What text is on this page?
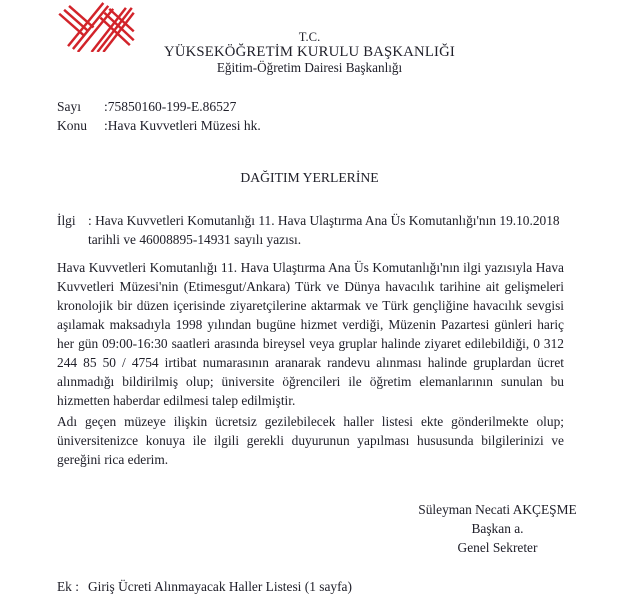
T.C.
YÜKSEKÖĞRETİM KURULU BAŞKANLIĞI
Eğitim-Öğretim Dairesi Başkanlığı
Sayı	:75850160-199-E.86527
Konu	:Hava Kuvvetleri Müzesi hk.
DAĞITIM YERLERİNE
İlgi : Hava Kuvvetleri Komutanlığı 11. Hava Ulaştırma Ana Üs Komutanlığı'nın 19.10.2018 tarihli ve 46008895-14931 sayılı yazısı.
Hava Kuvvetleri Komutanlığı 11. Hava Ulaştırma Ana Üs Komutanlığı'nın ilgi yazısıyla Hava Kuvvetleri Müzesi'nin (Etimesgut/Ankara) Türk ve Dünya havacılık tarihine ait gelişmeleri kronolojik bir düzen içerisinde ziyaretçilerine aktarmak ve Türk gençliğine havacılık sevgisi aşılamak maksadıyla 1998 yılından bugüne hizmet verdiği, Müzenin Pazartesi günleri hariç her gün 09:00-16:30 saatleri arasında bireysel veya gruplar halinde ziyaret edilebildiği, 0 312 244 85 50 / 4754 irtibat numarasının aranarak randevu alınması halinde gruplardan ücret alınmadığı bildirilmiş olup; üniversite öğrencileri ile öğretim elemanlarının sunulan bu hizmetten haberdar edilmesi talep edilmiştir.
Adı geçen müzeye ilişkin ücretsiz gezilebilecek haller listesi ekte gönderilmekte olup; üniversitenizce konuya ile ilgili gerekli duyurunun yapılması hususunda bilgilerinizi ve gereğini rica ederim.
Süleyman Necati AKÇEŞME
Başkan a.
Genel Sekreter
Ek : Giriş Ücreti Alınmayacak Haller Listesi (1 sayfa)
